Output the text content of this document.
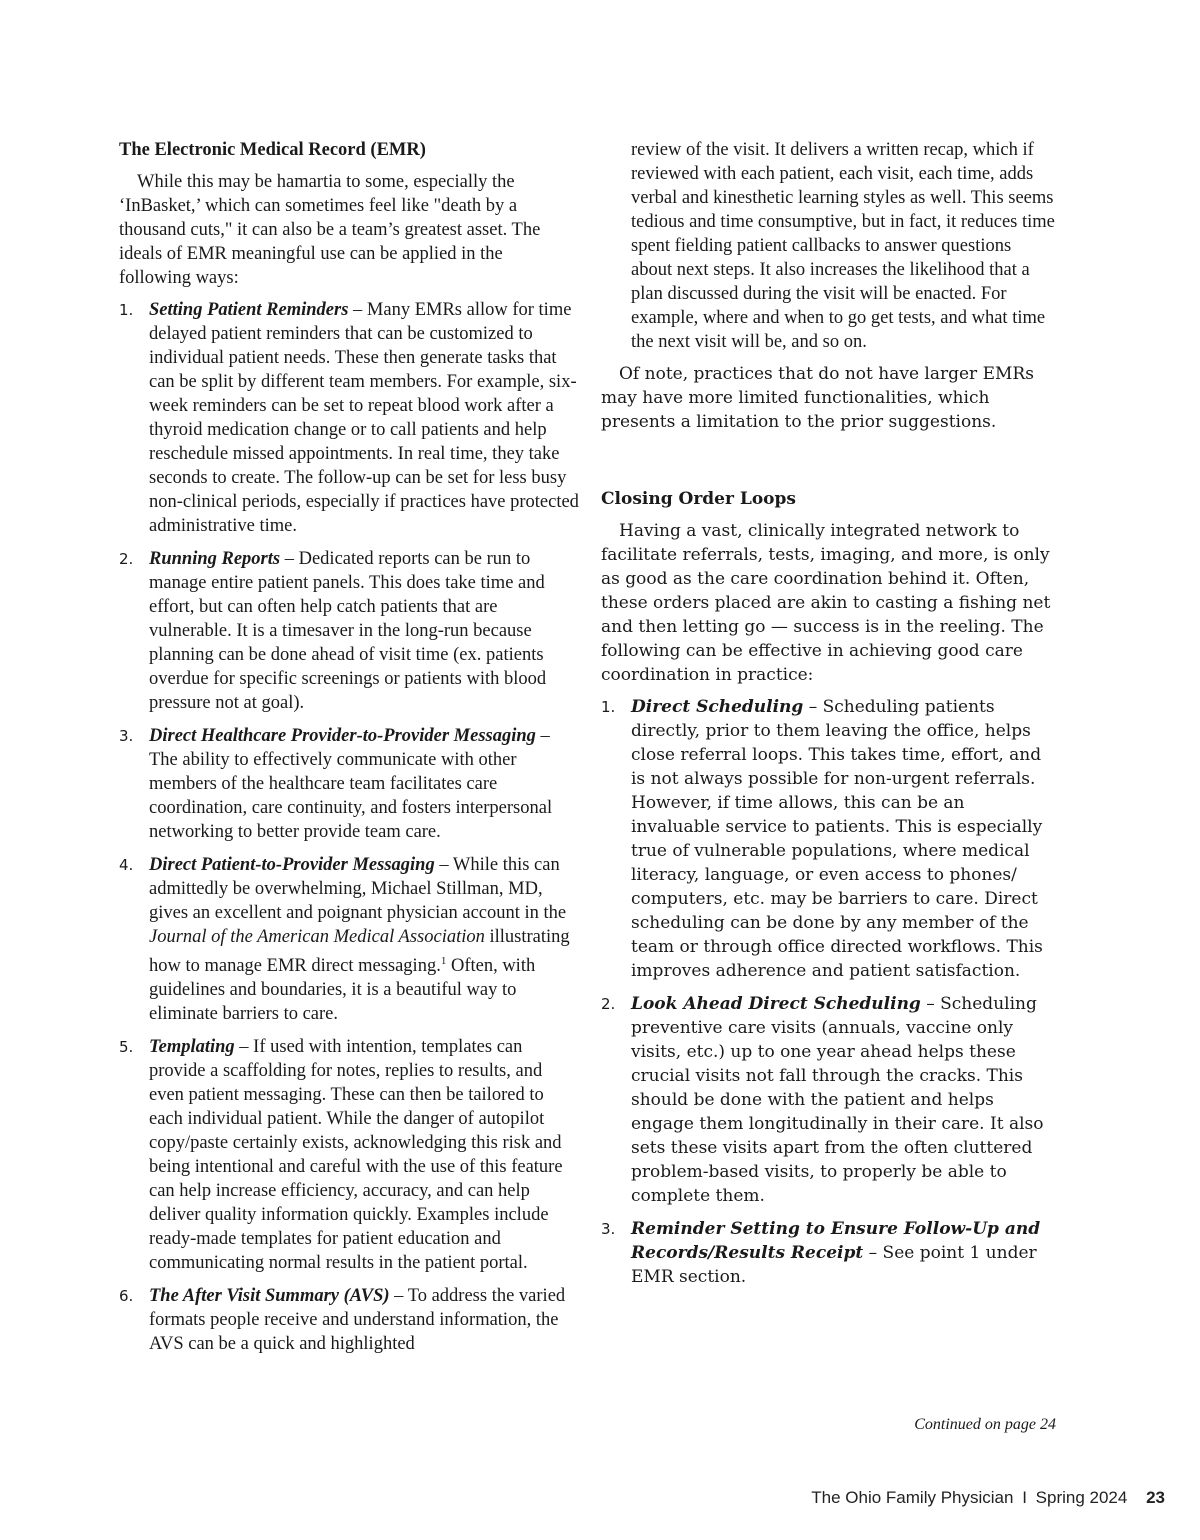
The Electronic Medical Record (EMR)

While this may be hamartia to some, especially the ‘InBasket,’ which can sometimes feel like "death by a thousand cuts," it can also be a team’s greatest asset. The ideals of EMR meaningful use can be applied in the following ways:

1. Setting Patient Reminders – Many EMRs allow for time delayed patient reminders that can be customized to individual patient needs. These then generate tasks that can be split by different team members. For example, six-week reminders can be set to repeat blood work after a thyroid medication change or to call patients and help reschedule missed appointments. In real time, they take seconds to create. The follow-up can be set for less busy non-clinical periods, especially if practices have protected administrative time.
2. Running Reports – Dedicated reports can be run to manage entire patient panels. This does take time and effort, but can often help catch patients that are vulnerable. It is a timesaver in the long-run because planning can be done ahead of visit time (ex. patients overdue for specific screenings or patients with blood pressure not at goal).
3. Direct Healthcare Provider-to-Provider Messaging – The ability to effectively communicate with other members of the healthcare team facilitates care coordination, care continuity, and fosters interpersonal networking to better provide team care.
4. Direct Patient-to-Provider Messaging – While this can admittedly be overwhelming, Michael Stillman, MD, gives an excellent and poignant physician account in the Journal of the American Medical Association illustrating how to manage EMR direct messaging.$^1$ Often, with guidelines and boundaries, it is a beautiful way to eliminate barriers to care.
5. Templating – If used with intention, templates can provide a scaffolding for notes, replies to results, and even patient messaging. These can then be tailored to each individual patient. While the danger of autopilot copy/paste certainly exists, acknowledging this risk and being intentional and careful with the use of this feature can help increase efficiency, accuracy, and can help deliver quality information quickly. Examples include ready-made templates for patient education and communicating normal results in the patient portal.
6. The After Visit Summary (AVS) – To address the varied formats people receive and understand information, the AVS can be a quick and highlighted

review of the visit. It delivers a written recap, which if reviewed with each patient, each visit, each time, adds verbal and kinesthetic learning styles as well. This seems tedious and time consumptive, but in fact, it reduces time spent fielding patient callbacks to answer questions about next steps. It also increases the likelihood that a plan discussed during the visit will be enacted. For example, where and when to go get tests, and what time the next visit will be, and so on.

Of note, practices that do not have larger EMRs may have more limited functionalities, which presents a limitation to the prior suggestions.

Closing Order Loops

Having a vast, clinically integrated network to facilitate referrals, tests, imaging, and more, is only as good as the care coordination behind it. Often, these orders placed are akin to casting a fishing net and then letting go — success is in the reeling. The following can be effective in achieving good care coordination in practice:

1. Direct Scheduling – Scheduling patients directly, prior to them leaving the office, helps close referral loops. This takes time, effort, and is not always possible for non-urgent referrals. However, if time allows, this can be an invaluable service to patients. This is especially true of vulnerable populations, where medical literacy, language, or even access to phones/ computers, etc. may be barriers to care. Direct scheduling can be done by any member of the team or through office directed workflows. This improves adherence and patient satisfaction.
2. Look Ahead Direct Scheduling – Scheduling preventive care visits (annuals, vaccine only visits, etc.) up to one year ahead helps these crucial visits not fall through the cracks. This should be done with the patient and helps engage them longitudinally in their care. It also sets these visits apart from the often cluttered problem-based visits, to properly be able to complete them.
3. Reminder Setting to Ensure Follow-Up and Records/Results Receipt – See point 1 under EMR section.
Continued on page 24
The Ohio Family Physician I Spring 2024 23
